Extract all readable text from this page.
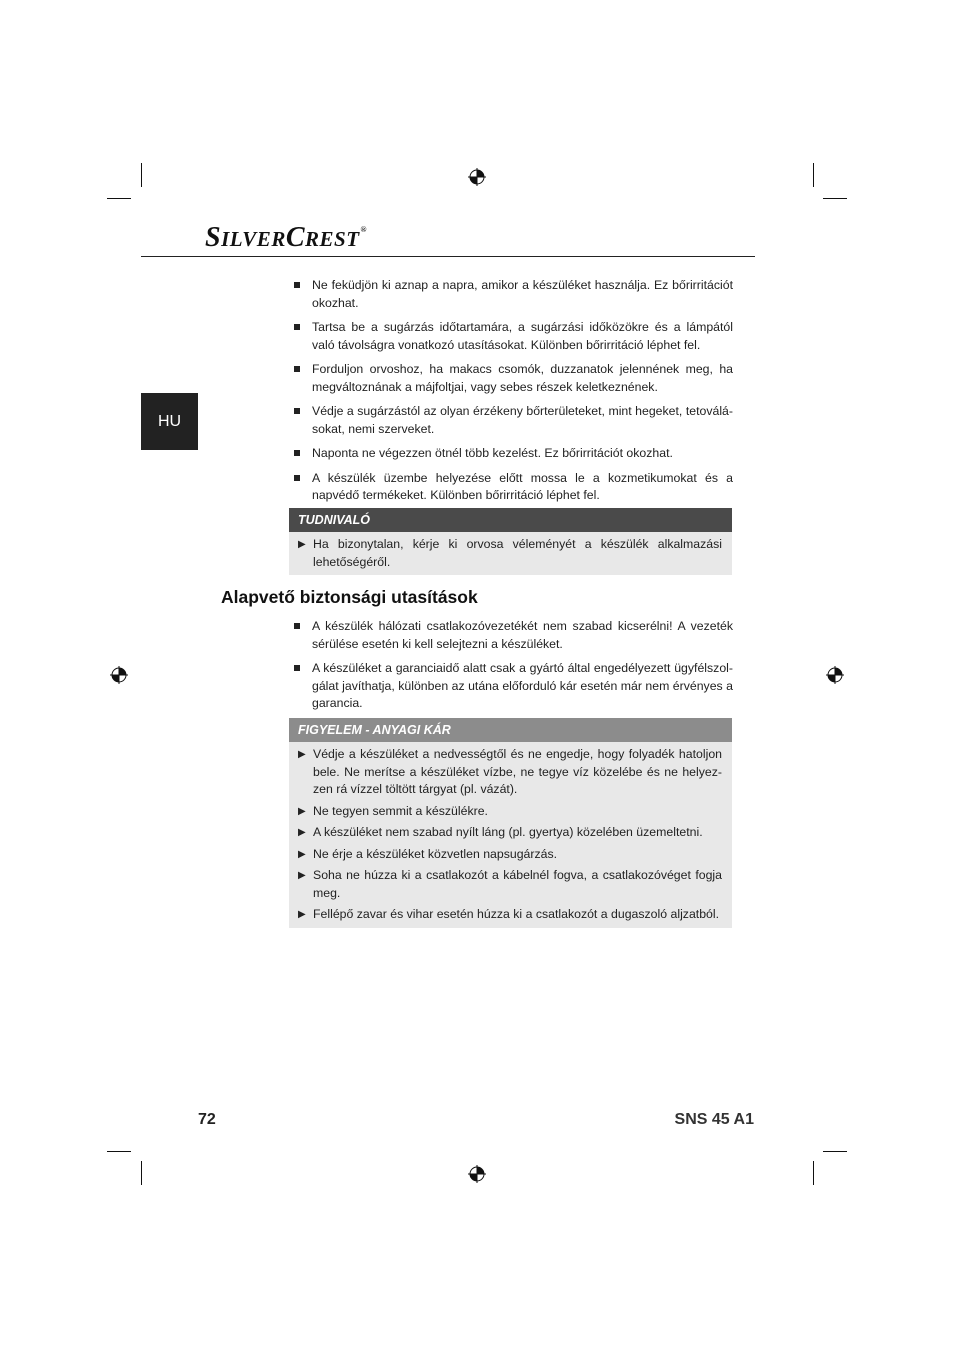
SILVERCREST®
HU
Ne feküdjön ki aznap a napra, amikor a készüléket használja. Ez bőrirritációt okozhat.
Tartsa be a sugárzás időtartamára, a sugárzási időközökre és a lámpától való távolságra vonatkozó utasításokat. Különben bőrirritáció léphet fel.
Forduljon orvoshoz, ha makacs csomók, duzzanatok jelennének meg, ha megváltoznának a májfoltjai, vagy sebes részek keletkeznének.
Védje a sugárzástól az olyan érzékeny bőrterületeket, mint hegeket, tetoválá-sokat, nemi szerveket.
Naponta ne végezzen ötnél több kezelést. Ez bőrirritációt okozhat.
A készülék üzembe helyezése előtt mossa le a kozmetikumokat és a napvédő termékeket. Különben bőrirritáció léphet fel.
TUDNIVALÓ
▶ Ha bizonytalan, kérje ki orvosa véleményét a készülék alkalmazási lehetőségéről.
Alapvető biztonsági utasítások
A készülék hálózati csatlakozóvezetékét nem szabad kicserélni! A vezeték sérülése esetén ki kell selejtezni a készüléket.
A készüléket a garanciaidő alatt csak a gyártó által engedélyezett ügyfélszol-gálat javíthatja, különben az utána előforduló kár esetén már nem érvényes a garancia.
FIGYELEM - ANYAGI KÁR
▶ Védje a készüléket a nedvességtől és ne engedje, hogy folyadék hatoljon bele. Ne merítse a készüléket vízbe, ne tegye víz közelébe és ne helyez-zen rá vízzel töltött tárgyat (pl. vázát).
▶ Ne tegyen semmit a készülékre.
▶ A készüléket nem szabad nyílt láng (pl. gyertya) közelében üzemeltetni.
▶ Ne érje a készüléket közvetlen napsugárzás.
▶ Soha ne húzza ki a csatlakozót a kábelnél fogva, a csatlakozóvéget fogja meg.
▶ Fellépő zavar és vihar esetén húzza ki a csatlakozót a dugaszoló aljzatból.
72	SNS 45 A1
